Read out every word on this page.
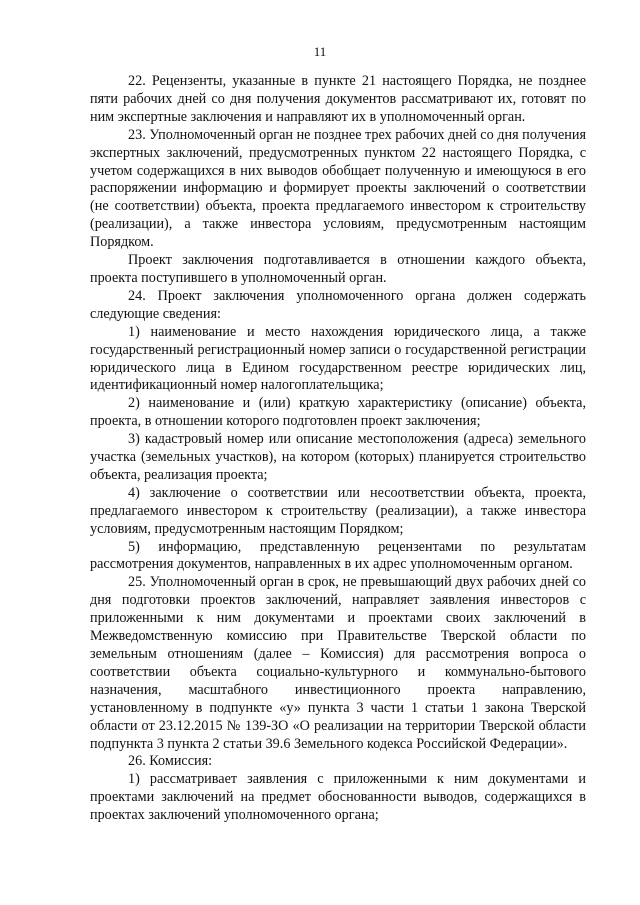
11

22. Рецензенты, указанные в пункте 21 настоящего Порядка, не позднее пяти рабочих дней со дня получения документов рассматривают их, готовят по ним экспертные заключения и направляют их в уполномоченный орган.

23. Уполномоченный орган не позднее трех рабочих дней со дня получения экспертных заключений, предусмотренных пунктом 22 настоящего Порядка, с учетом содержащихся в них выводов обобщает полученную и имеющуюся в его распоряжении информацию и формирует проекты заключений о соответствии (не соответствии) объекта, проекта предлагаемого инвестором к строительству (реализации), а также инвестора условиям, предусмотренным настоящим Порядком.

Проект заключения подготавливается в отношении каждого объекта, проекта поступившего в уполномоченный орган.

24. Проект заключения уполномоченного органа должен содержать следующие сведения:

1) наименование и место нахождения юридического лица, а также государственный регистрационный номер записи о государственной регистрации юридического лица в Едином государственном реестре юридических лиц, идентификационный номер налогоплательщика;

2) наименование и (или) краткую характеристику (описание) объекта, проекта, в отношении которого подготовлен проект заключения;

3) кадастровый номер или описание местоположения (адреса) земельного участка (земельных участков), на котором (которых) планируется строительство объекта, реализация проекта;

4) заключение о соответствии или несоответствии объекта, проекта, предлагаемого инвестором к строительству (реализации), а также инвестора условиям, предусмотренным настоящим Порядком;

5) информацию, представленную рецензентами по результатам рассмотрения документов, направленных в их адрес уполномоченным органом.

25. Уполномоченный орган в срок, не превышающий двух рабочих дней со дня подготовки проектов заключений, направляет заявления инвесторов с приложенными к ним документами и проектами своих заключений в Межведомственную комиссию при Правительстве Тверской области по земельным отношениям (далее – Комиссия) для рассмотрения вопроса о соответствии объекта социально-культурного и коммунально-бытового назначения, масштабного инвестиционного проекта направлению, установленному в подпункте «у» пункта 3 части 1 статьи 1 закона Тверской области от 23.12.2015 № 139-ЗО «О реализации на территории Тверской области подпункта 3 пункта 2 статьи 39.6 Земельного кодекса Российской Федерации».

26. Комиссия:

1) рассматривает заявления с приложенными к ним документами и проектами заключений на предмет обоснованности выводов, содержащихся в проектах заключений уполномоченного органа;
